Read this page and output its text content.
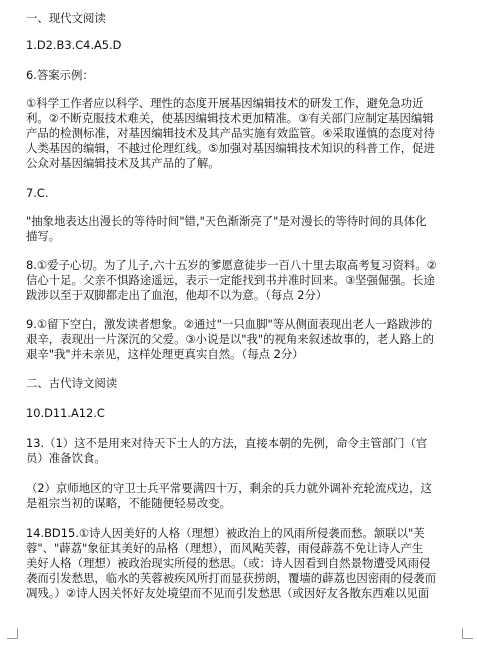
一、现代文阅读
1.D2.B3.C4.A5.D
6.答案示例：
①科学工作者应以科学、理性的态度开展基因编辑技术的研发工作，避免急功近
利。②不断克服技术难关，使基因编辑技术更加精准。③有关部门应制定基因编辑
产品的检测标准，对基因编辑技术及其产品实施有效监管。④采取谨慎的态度对待
人类基因的编辑，不越过伦理红线。⑤加强对基因编辑技术知识的科普工作，促进
公众对基因编辑技术及其产品的了解。
7.C.
"抽象地表达出漫长的等待时间"错,"天色渐渐亮了"是对漫长的等待时间的具体化
描写。
8.①爱子心切。为了儿子,六十五岁的爹愿意徒步一百八十里去取高考复习资料。②
信心十足。父亲不惧路途遥远，表示一定能找到书并准时回来。③坚强倔强。长途
跋涉以至于双脚都走出了血泡，他却不以为意。（每点 2分）
9.①留下空白，激发读者想象。②通过"一只血脚"等从侧面表现出老人一路跋涉的
艰辛，表现出一片深沉的父爱。③小说是以"我"的视角来叙述故事的，老人路上的
艰辛"我"并未亲见，这样处理更真实自然。（每点 2分）
二、古代诗文阅读
10.D11.A12.C
13.（1）这不是用来对待天下士人的方法，直接本朝的先例，命令主管部门（官
员）准备饮食。
（2）京师地区的守卫士兵平常要满四十万，剩余的兵力就外调补充轮流戍边，这
是祖宗当初的谋略，不能随便轻易改变。
14.BD15.①诗人因美好的人格（理想）被政治上的风雨所侵袭而愁。颔联以"芙
蓉"、"薜荔"象征其美好的品格（理想），而风飐芙蓉，雨侵薜荔不免让诗人产生
美好人格（理想）被政治现实所侵的愁思。（或：诗人因看到自然景物遭受风雨侵
袭而引发愁思，临水的芙蓉被疾风所打而显获捞朗，覆墙的薜荔也因密雨的侵袭而
凋残。）②诗人因关怀好友处境望而不见而引发愁思（或因好友各散东西难以见面
